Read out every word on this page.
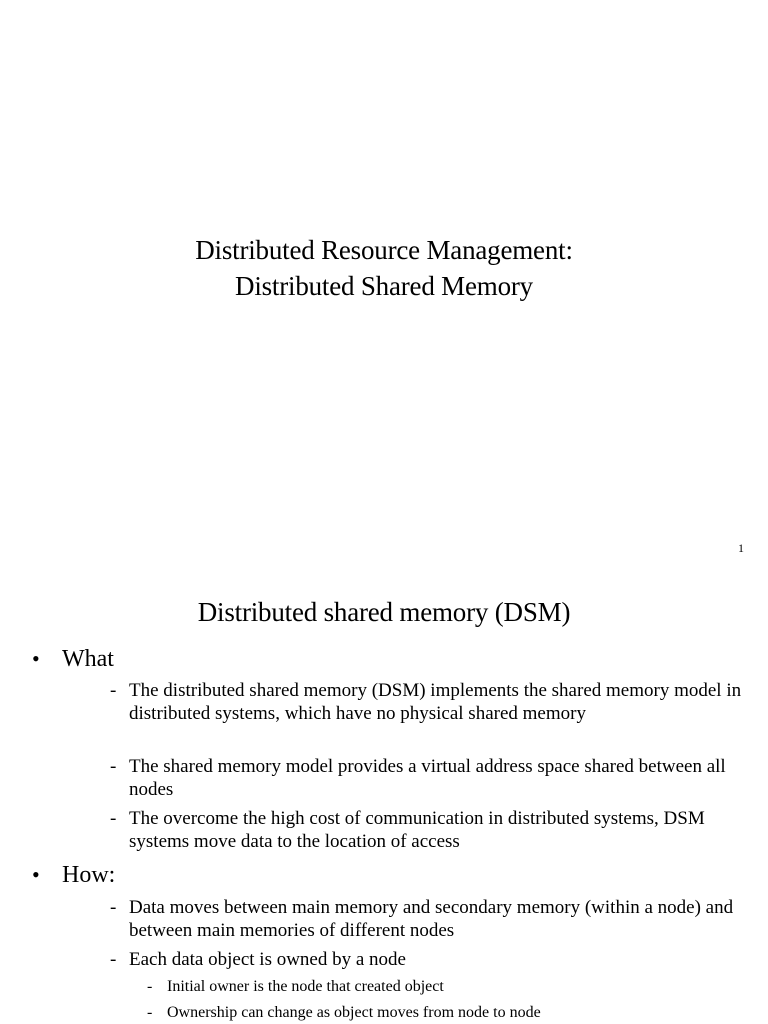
Distributed Resource Management:
Distributed Shared Memory
1
Distributed shared memory (DSM)
• What
- The distributed shared memory (DSM) implements the shared memory model in distributed systems, which have no physical shared memory
- The shared memory model provides a virtual address space shared between all nodes
- The overcome the high cost of communication in distributed systems, DSM systems move data to the location of access
• How:
- Data moves between main memory and secondary memory (within a node) and between main memories of different nodes
- Each data object is owned by a node
- Initial owner is the node that created object
- Ownership can change as object moves from node to node
